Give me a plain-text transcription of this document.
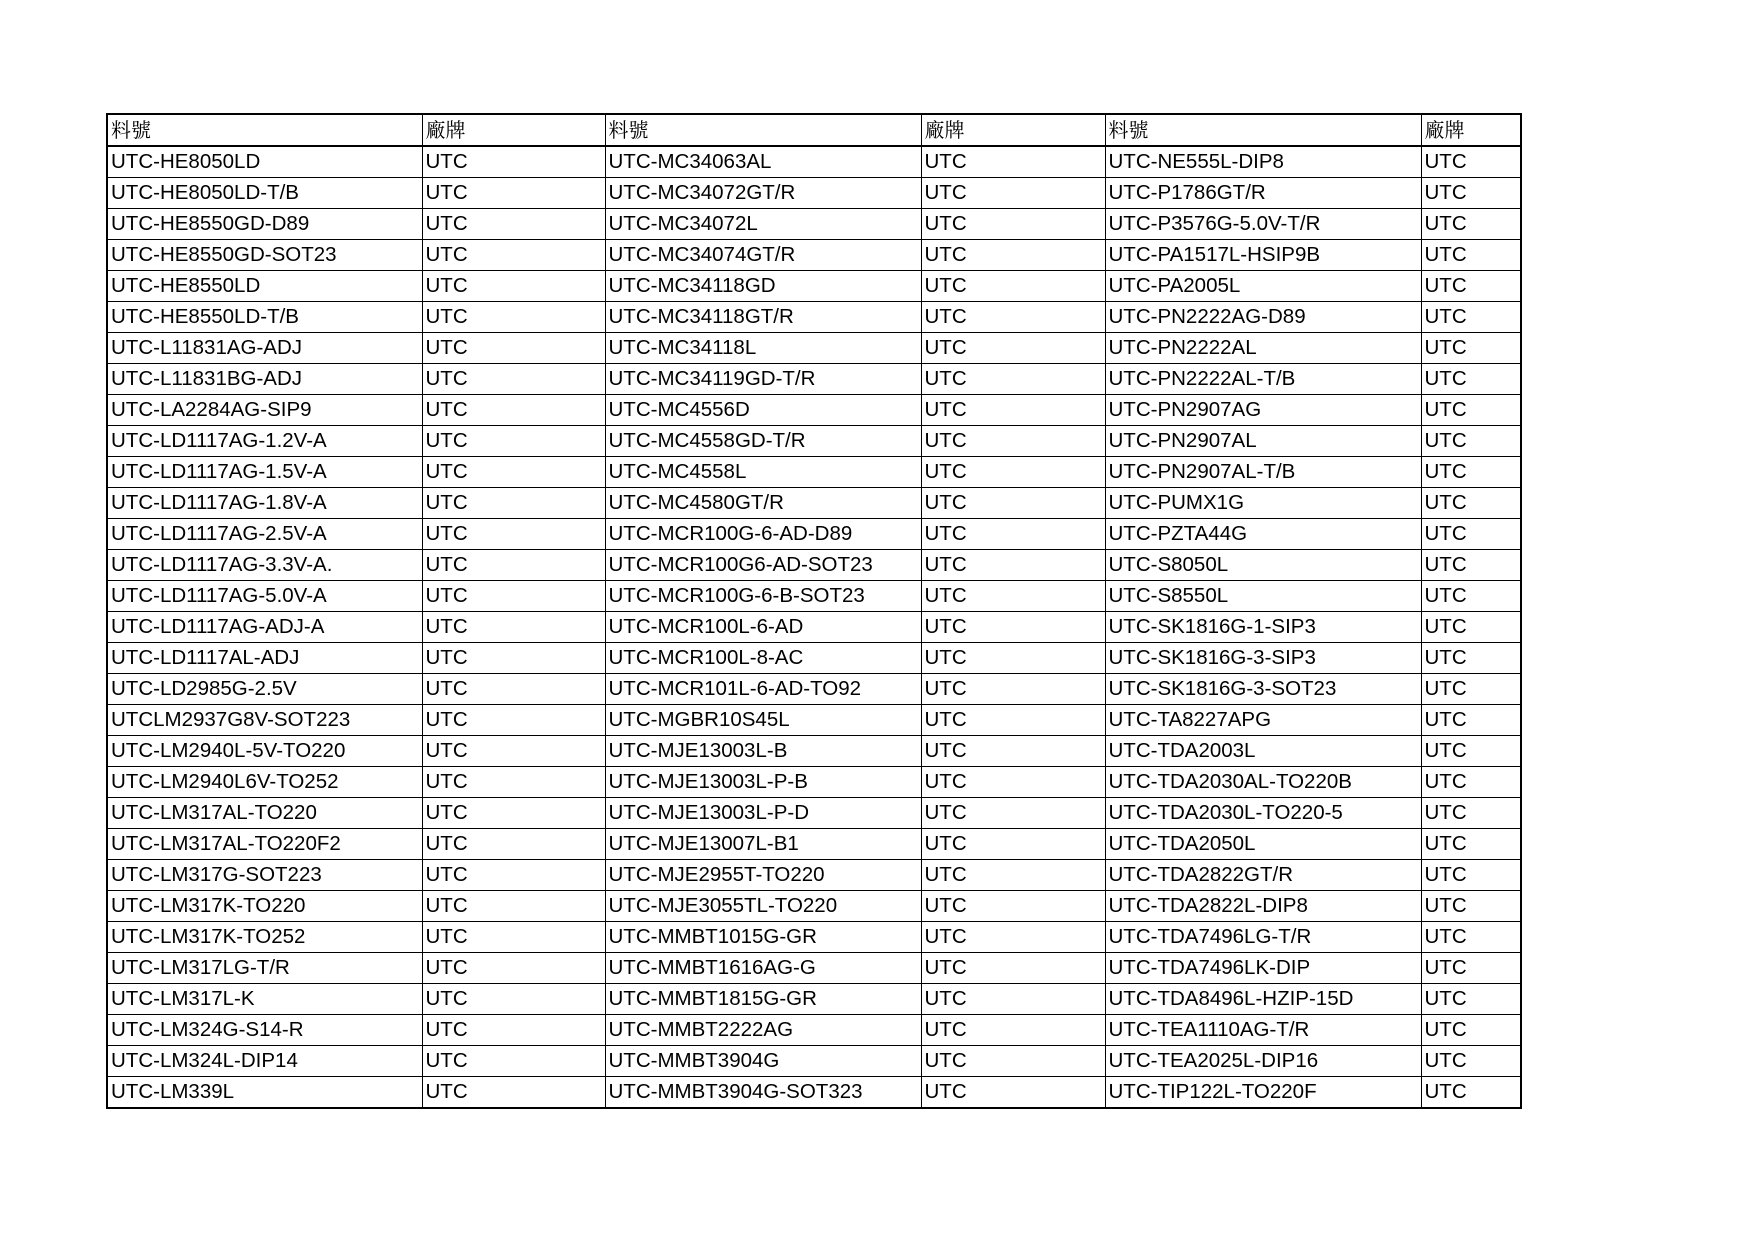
料號	廠牌	料號	廠牌	料號	廠牌
UTC-HE8050LD	UTC	UTC-MC34063AL	UTC	UTC-NE555L-DIP8	UTC
UTC-HE8050LD-T/B	UTC	UTC-MC34072GT/R	UTC	UTC-P1786GT/R	UTC
UTC-HE8550GD-D89	UTC	UTC-MC34072L	UTC	UTC-P3576G-5.0V-T/R	UTC
UTC-HE8550GD-SOT23	UTC	UTC-MC34074GT/R	UTC	UTC-PA1517L-HSIP9B	UTC
UTC-HE8550LD	UTC	UTC-MC34118GD	UTC	UTC-PA2005L	UTC
UTC-HE8550LD-T/B	UTC	UTC-MC34118GT/R	UTC	UTC-PN2222AG-D89	UTC
UTC-L11831AG-ADJ	UTC	UTC-MC34118L	UTC	UTC-PN2222AL	UTC
UTC-L11831BG-ADJ	UTC	UTC-MC34119GD-T/R	UTC	UTC-PN2222AL-T/B	UTC
UTC-LA2284AG-SIP9	UTC	UTC-MC4556D	UTC	UTC-PN2907AG	UTC
UTC-LD1117AG-1.2V-A	UTC	UTC-MC4558GD-T/R	UTC	UTC-PN2907AL	UTC
UTC-LD1117AG-1.5V-A	UTC	UTC-MC4558L	UTC	UTC-PN2907AL-T/B	UTC
UTC-LD1117AG-1.8V-A	UTC	UTC-MC4580GT/R	UTC	UTC-PUMX1G	UTC
UTC-LD1117AG-2.5V-A	UTC	UTC-MCR100G-6-AD-D89	UTC	UTC-PZTA44G	UTC
UTC-LD1117AG-3.3V-A.	UTC	UTC-MCR100G6-AD-SOT23	UTC	UTC-S8050L	UTC
UTC-LD1117AG-5.0V-A	UTC	UTC-MCR100G-6-B-SOT23	UTC	UTC-S8550L	UTC
UTC-LD1117AG-ADJ-A	UTC	UTC-MCR100L-6-AD	UTC	UTC-SK1816G-1-SIP3	UTC
UTC-LD1117AL-ADJ	UTC	UTC-MCR100L-8-AC	UTC	UTC-SK1816G-3-SIP3	UTC
UTC-LD2985G-2.5V	UTC	UTC-MCR101L-6-AD-TO92	UTC	UTC-SK1816G-3-SOT23	UTC
UTCLM2937G8V-SOT223	UTC	UTC-MGBR10S45L	UTC	UTC-TA8227APG	UTC
UTC-LM2940L-5V-TO220	UTC	UTC-MJE13003L-B	UTC	UTC-TDA2003L	UTC
UTC-LM2940L6V-TO252	UTC	UTC-MJE13003L-P-B	UTC	UTC-TDA2030AL-TO220B	UTC
UTC-LM317AL-TO220	UTC	UTC-MJE13003L-P-D	UTC	UTC-TDA2030L-TO220-5	UTC
UTC-LM317AL-TO220F2	UTC	UTC-MJE13007L-B1	UTC	UTC-TDA2050L	UTC
UTC-LM317G-SOT223	UTC	UTC-MJE2955T-TO220	UTC	UTC-TDA2822GT/R	UTC
UTC-LM317K-TO220	UTC	UTC-MJE3055TL-TO220	UTC	UTC-TDA2822L-DIP8	UTC
UTC-LM317K-TO252	UTC	UTC-MMBT1015G-GR	UTC	UTC-TDA7496LG-T/R	UTC
UTC-LM317LG-T/R	UTC	UTC-MMBT1616AG-G	UTC	UTC-TDA7496LK-DIP	UTC
UTC-LM317L-K	UTC	UTC-MMBT1815G-GR	UTC	UTC-TDA8496L-HZIP-15D	UTC
UTC-LM324G-S14-R	UTC	UTC-MMBT2222AG	UTC	UTC-TEA1110AG-T/R	UTC
UTC-LM324L-DIP14	UTC	UTC-MMBT3904G	UTC	UTC-TEA2025L-DIP16	UTC
UTC-LM339L	UTC	UTC-MMBT3904G-SOT323	UTC	UTC-TIP122L-TO220F	UTC
